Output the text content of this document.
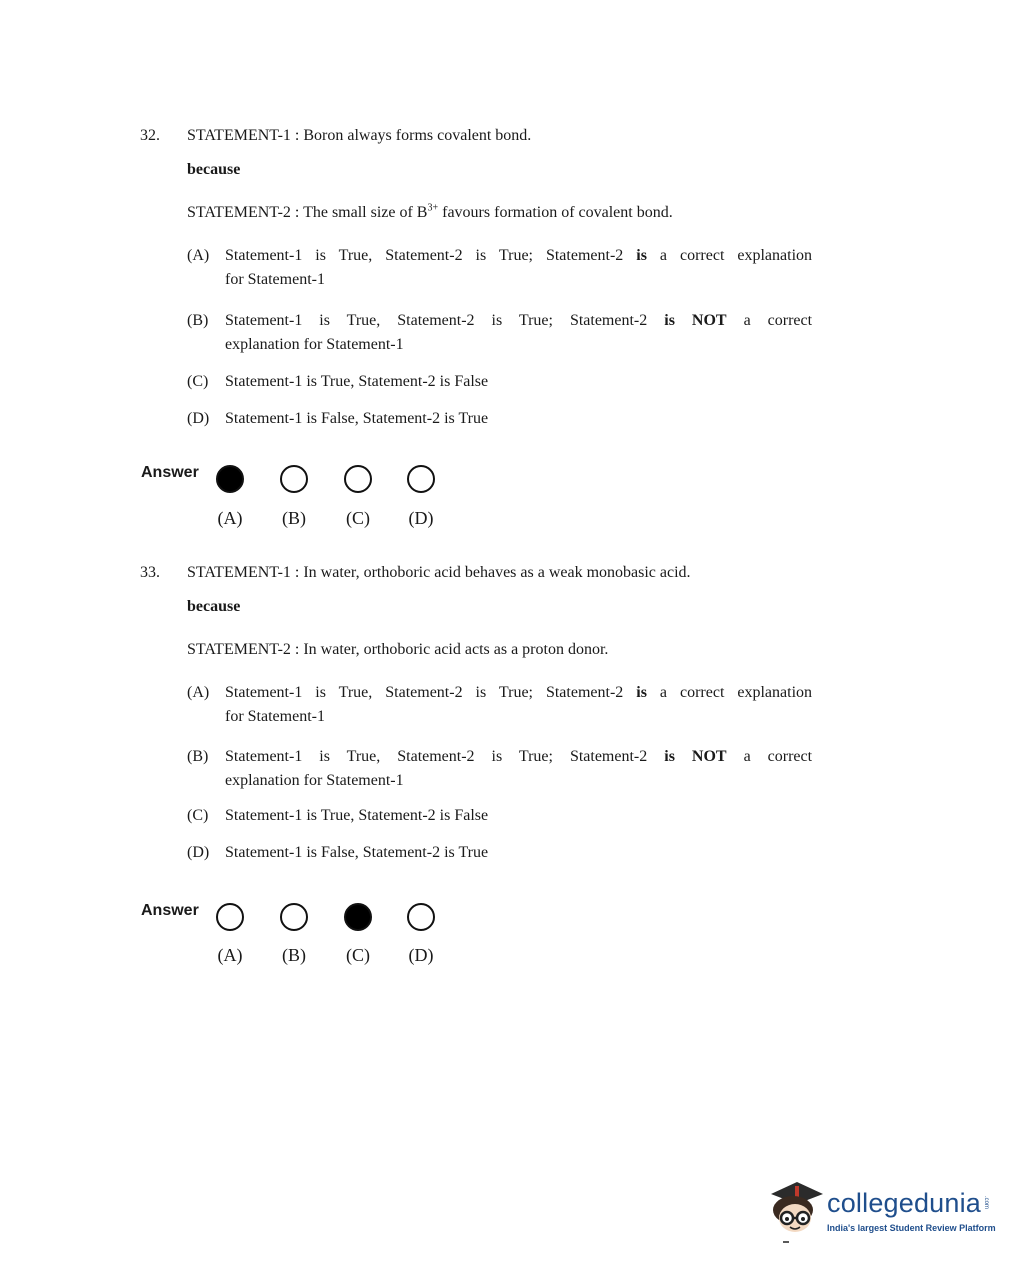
32. STATEMENT-1 : Boron always forms covalent bond.
because
STATEMENT-2 : The small size of $B^{3+}$ favours formation of covalent bond.
(A) Statement-1 is True, Statement-2 is True; Statement-2 is a correct explanation
for Statement-1
(B) Statement-1 is True, Statement-2 is True; Statement-2 is NOT a correct
explanation for Statement-1
(C) Statement-1 is True, Statement-2 is False
(D) Statement-1 is False, Statement-2 is True
Answer
(A)	(B)	(C)	(D)
33. STATEMENT-1 : In water, orthoboric acid behaves as a weak monobasic acid.
because
STATEMENT-2 : In water, orthoboric acid acts as a proton donor.
(A) Statement-1 is True, Statement-2 is True; Statement-2 is a correct explanation
for Statement-1
(B) Statement-1 is True, Statement-2 is True; Statement-2 is NOT a correct
explanation for Statement-1
(C) Statement-1 is True, Statement-2 is False
(D) Statement-1 is False, Statement-2 is True
Answer
(A)	(B)	(C)	(D)
collegedunia .com
India's largest Student Review Platform
